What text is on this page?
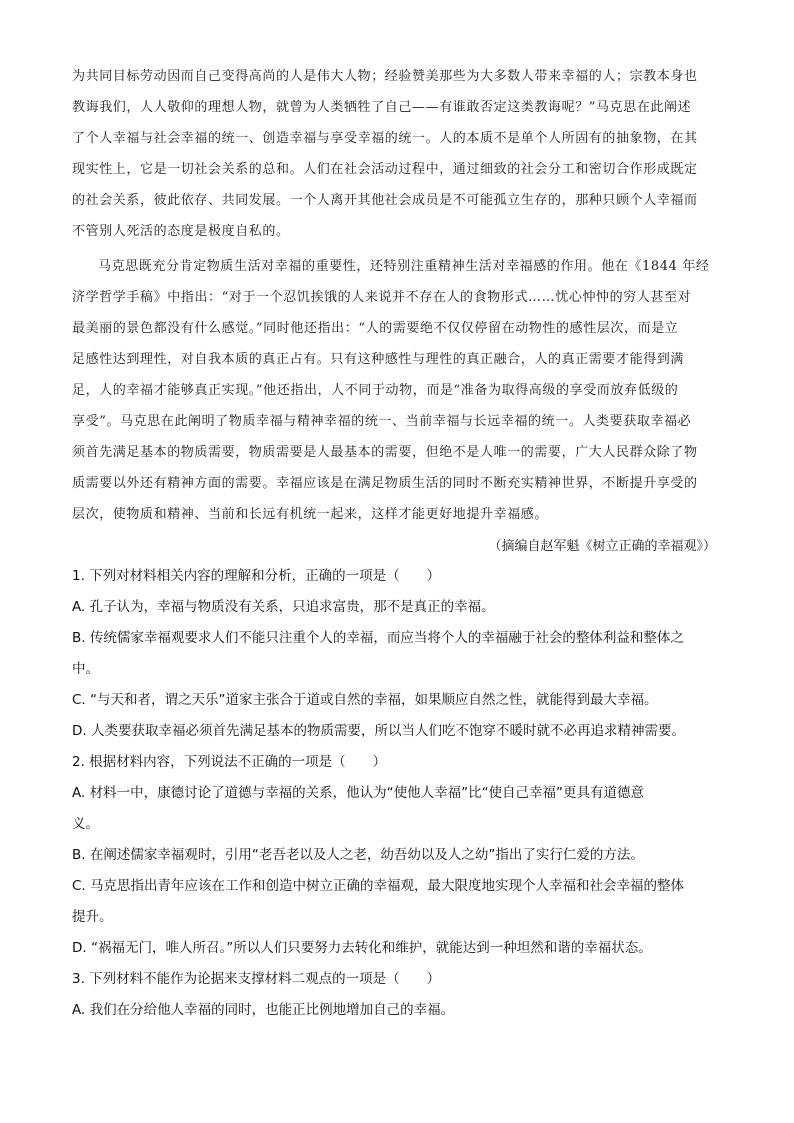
为共同目标劳动因而自己变得高尚的人是伟大人物；经验赞美那些为大多数人带来幸福的人；宗教本身也
教诲我们，人人敬仰的理想人物，就曾为人类牺牲了自己——有谁敢否定这类教诲呢？”马克思在此阐述
了个人幸福与社会幸福的统一、创造幸福与享受幸福的统一。人的本质不是单个人所固有的抽象物，在其
现实性上，它是一切社会关系的总和。人们在社会活动过程中，通过细致的社会分工和密切合作形成既定
的社会关系，彼此依存、共同发展。一个人离开其他社会成员是不可能孤立生存的，那种只顾个人幸福而
不管别人死活的态度是极度自私的。
马克思既充分肯定物质生活对幸福的重要性，还特别注重精神生活对幸福感的作用。他在《1844 年经
济学哲学手稿》中指出：“对于一个忍饥挨饿的人来说并不存在人的食物形式……忧心忡忡的穷人甚至对
最美丽的景色都没有什么感觉。”同时他还指出：“人的需要绝不仅仅停留在动物性的感性层次，而是立
足感性达到理性，对自我本质的真正占有。只有这种感性与理性的真正融合，人的真正需要才能得到满
足，人的幸福才能够真正实现。”他还指出，人不同于动物，而是“准备为取得高级的享受而放弃低级的
享受”。马克思在此阐明了物质幸福与精神幸福的统一、当前幸福与长远幸福的统一。人类要获取幸福必
须首先满足基本的物质需要，物质需要是人最基本的需要，但绝不是人唯一的需要，广大人民群众除了物
质需要以外还有精神方面的需要。幸福应该是在满足物质生活的同时不断充实精神世界，不断提升享受的
层次，使物质和精神、当前和长远有机统一起来，这样才能更好地提升幸福感。
（摘编自赵军魁《树立正确的幸福观》）
1. 下列对材料相关内容的理解和分析，正确的一项是（　　）
A. 孔子认为，幸福与物质没有关系，只追求富贵，那不是真正的幸福。
B. 传统儒家幸福观要求人们不能只注重个人的幸福，而应当将个人的幸福融于社会的整体利益和整体之
中。
C. “与天和者，谓之天乐”道家主张合于道或自然的幸福，如果顺应自然之性，就能得到最大幸福。
D. 人类要获取幸福必须首先满足基本的物质需要，所以当人们吃不饱穿不暖时就不必再追求精神需要。
2. 根据材料内容，下列说法不正确的一项是（　　）
A. 材料一中，康德讨论了道德与幸福的关系，他认为“使他人幸福”比“使自己幸福”更具有道德意
义。
B. 在阐述儒家幸福观时，引用“老吾老以及人之老，幼吾幼以及人之幼”指出了实行仁爱的方法。
C. 马克思指出青年应该在工作和创造中树立正确的幸福观，最大限度地实现个人幸福和社会幸福的整体
提升。
D. “祸福无门，唯人所召。”所以人们只要努力去转化和维护，就能达到一种坦然和谐的幸福状态。
3. 下列材料不能作为论据来支撑材料二观点的一项是（　　）
A. 我们在分给他人幸福的同时，也能正比例地增加自己的幸福。
